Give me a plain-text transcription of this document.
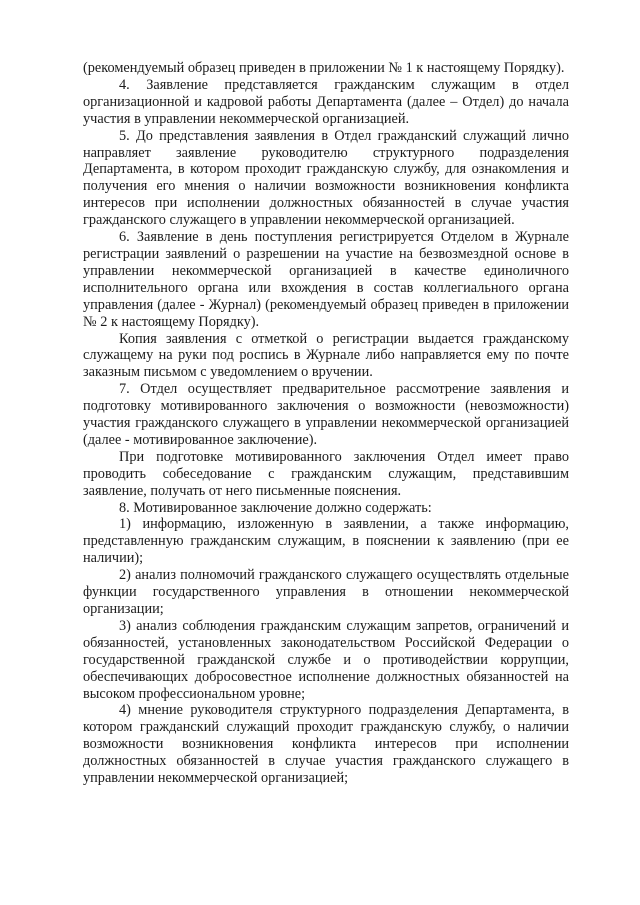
(рекомендуемый образец приведен в приложении № 1 к настоящему Порядку).

4. Заявление представляется гражданским служащим в отдел организационной и кадровой работы Департамента (далее – Отдел) до начала участия в управлении некоммерческой организацией.

5. До представления заявления в Отдел гражданский служащий лично направляет заявление руководителю структурного подразделения Департамента, в котором проходит гражданскую службу, для ознакомления и получения его мнения о наличии возможности возникновения конфликта интересов при исполнении должностных обязанностей в случае участия гражданского служащего в управлении некоммерческой организацией.

6. Заявление в день поступления регистрируется Отделом в Журнале регистрации заявлений о разрешении на участие на безвозмездной основе в управлении некоммерческой организацией в качестве единоличного исполнительного органа или вхождения в состав коллегиального органа управления (далее - Журнал) (рекомендуемый образец приведен в приложении № 2 к настоящему Порядку).

Копия заявления с отметкой о регистрации выдается гражданскому служащему на руки под роспись в Журнале либо направляется ему по почте заказным письмом с уведомлением о вручении.

7. Отдел осуществляет предварительное рассмотрение заявления и подготовку мотивированного заключения о возможности (невозможности) участия гражданского служащего в управлении некоммерческой организацией (далее - мотивированное заключение).

При подготовке мотивированного заключения Отдел имеет право проводить собеседование с гражданским служащим, представившим заявление, получать от него письменные пояснения.

8. Мотивированное заключение должно содержать:

1) информацию, изложенную в заявлении, а также информацию, представленную гражданским служащим, в пояснении к заявлению (при ее наличии);

2) анализ полномочий гражданского служащего осуществлять отдельные функции государственного управления в отношении некоммерческой организации;

3) анализ соблюдения гражданским служащим запретов, ограничений и обязанностей, установленных законодательством Российской Федерации о государственной гражданской службе и о противодействии коррупции, обеспечивающих добросовестное исполнение должностных обязанностей на высоком профессиональном уровне;

4) мнение руководителя структурного подразделения Департамента, в котором гражданский служащий проходит гражданскую службу, о наличии возможности возникновения конфликта интересов при исполнении должностных обязанностей в случае участия гражданского служащего в управлении некоммерческой организацией;
